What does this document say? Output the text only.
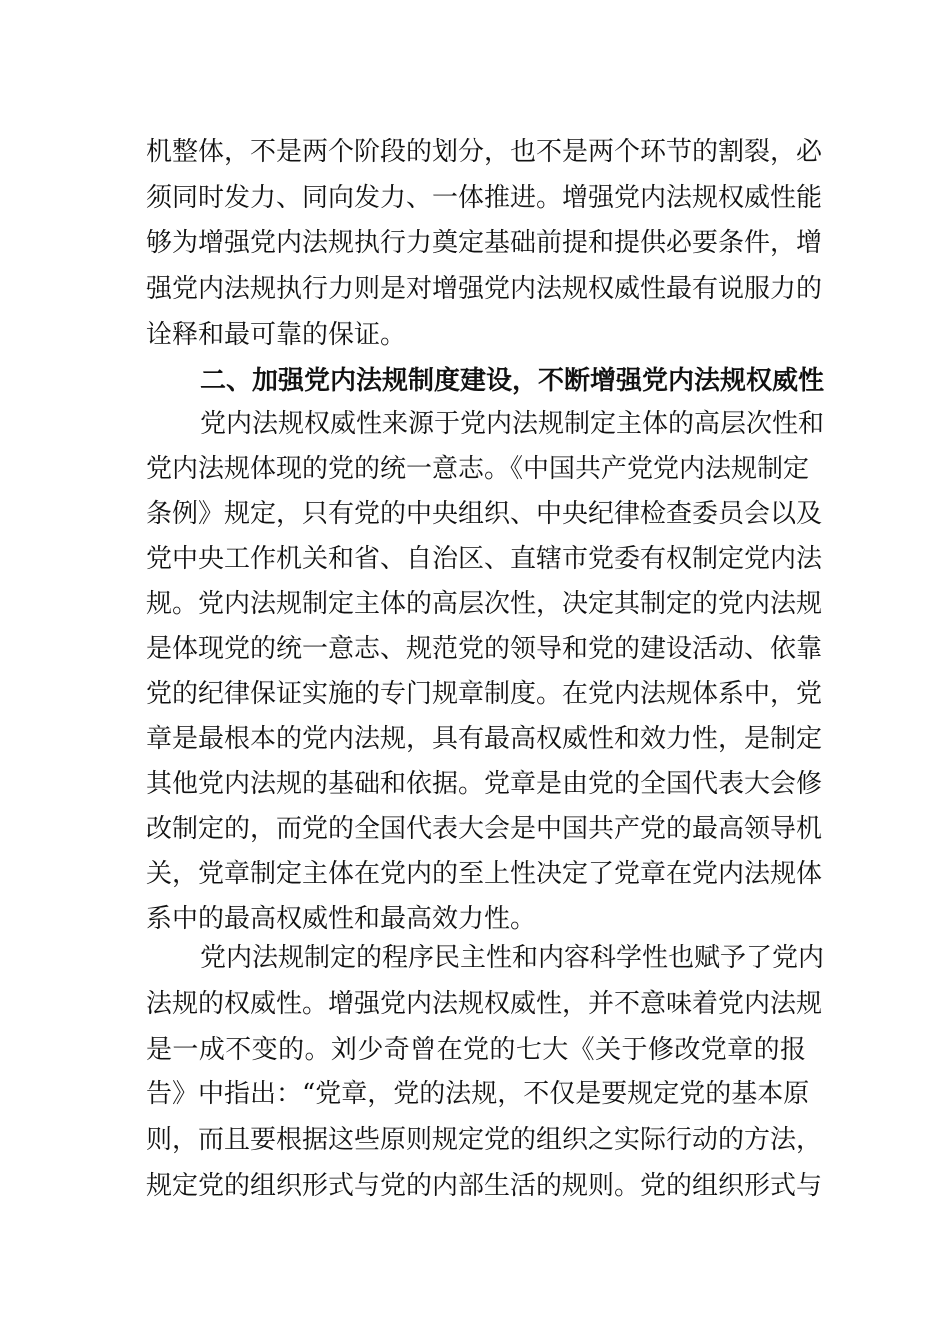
机整体，不是两个阶段的划分，也不是两个环节的割裂，必
须同时发力、同向发力、一体推进。增强党内法规权威性能
够为增强党内法规执行力奠定基础前提和提供必要条件，增
强党内法规执行力则是对增强党内法规权威性最有说服力的
诠释和最可靠的保证。
二、加强党内法规制度建设，不断增强党内法规权威性
党内法规权威性来源于党内法规制定主体的高层次性和
党内法规体现的党的统一意志。《中国共产党党内法规制定
条例》规定，只有党的中央组织、中央纪律检查委员会以及
党中央工作机关和省、自治区、直辖市党委有权制定党内法
规。党内法规制定主体的高层次性，决定其制定的党内法规
是体现党的统一意志、规范党的领导和党的建设活动、依靠
党的纪律保证实施的专门规章制度。在党内法规体系中，党
章是最根本的党内法规，具有最高权威性和效力性，是制定
其他党内法规的基础和依据。党章是由党的全国代表大会修
改制定的，而党的全国代表大会是中国共产党的最高领导机
关，党章制定主体在党内的至上性决定了党章在党内法规体
系中的最高权威性和最高效力性。
党内法规制定的程序民主性和内容科学性也赋予了党内
法规的权威性。增强党内法规权威性，并不意味着党内法规
是一成不变的。刘少奇曾在党的七大《关于修改党章的报
告》中指出：“党章，党的法规，不仅是要规定党的基本原
则，而且要根据这些原则规定党的组织之实际行动的方法，
规定党的组织形式与党的内部生活的规则。党的组织形式与
